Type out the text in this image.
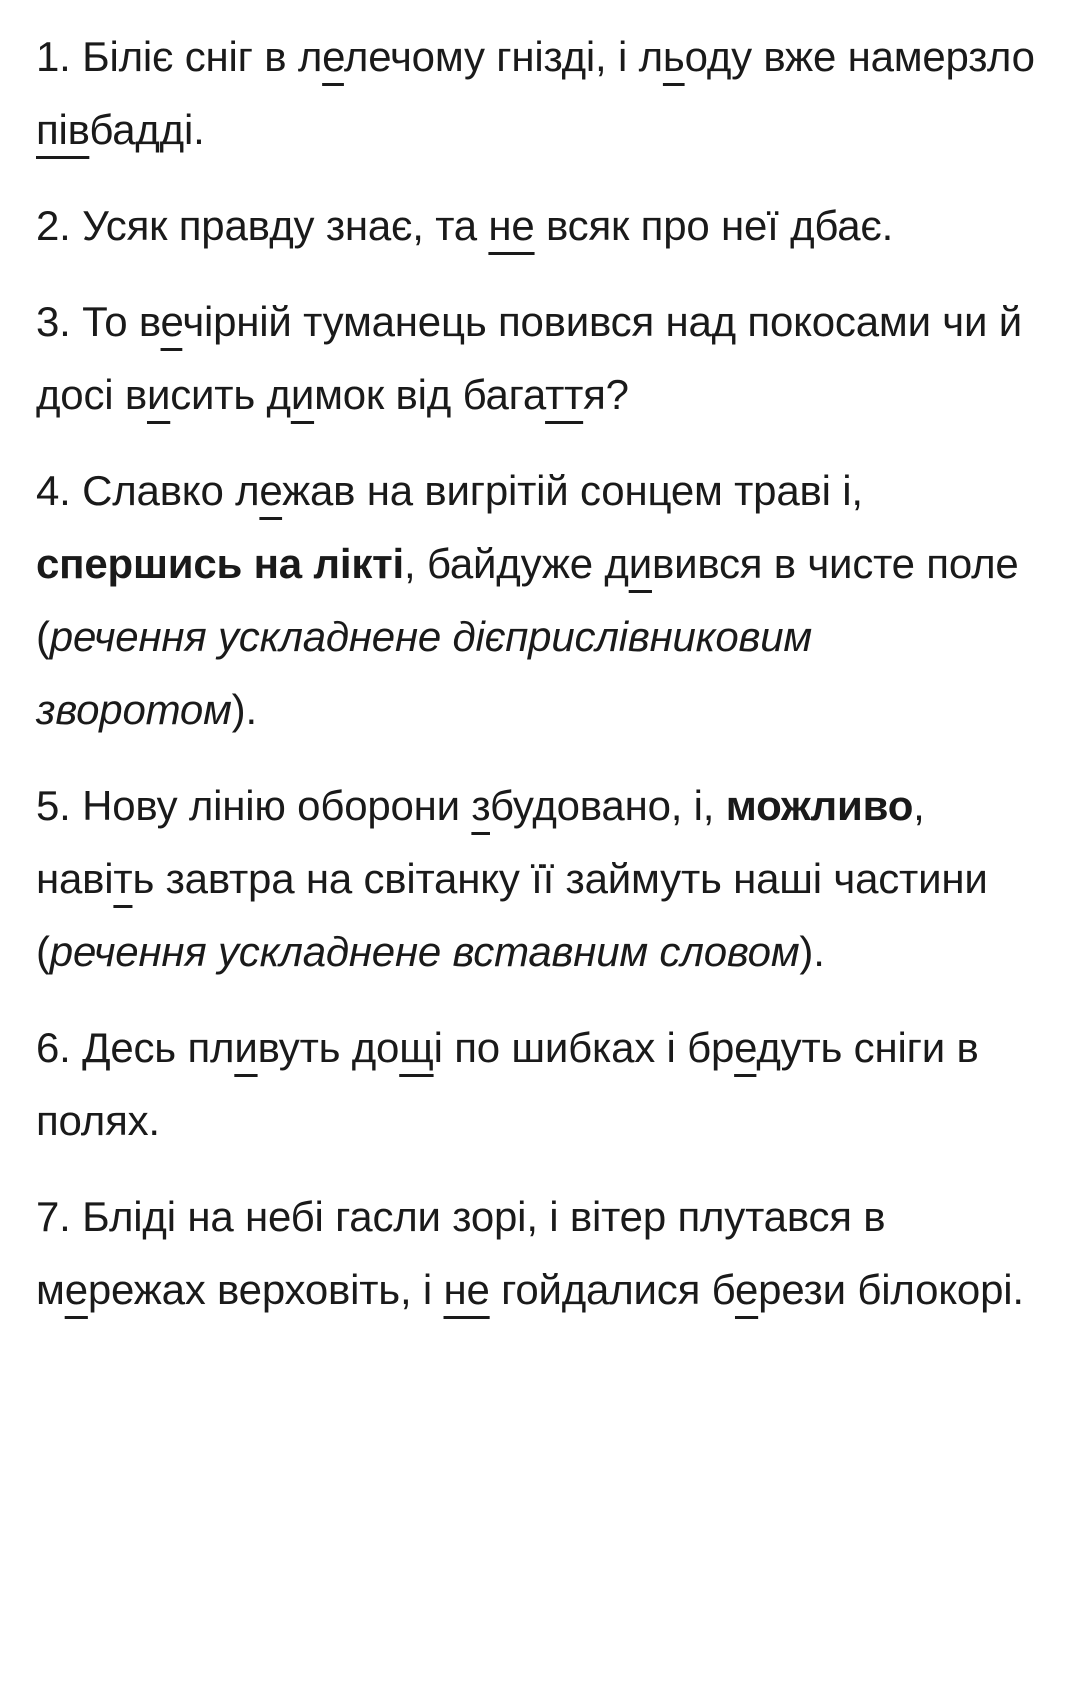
1. Біліє сніг в лелечому гнізді, і льоду вже намерзло півбадді.

2. Усяк правду знає, та не всяк про неї дбає.

3. То вечірній туманець повився над покосами чи й досі висить димок від багаття?

4. Славко лежав на вигрітій сонцем траві і, спершись на лікті, байдуже дивився в чисте поле (речення ускладнене дієприслівниковим зворотом).

5. Нову лінію оборони збудовано, і, можливо, навіть завтра на світанку її займуть наші частини (речення ускладнене вставним словом).

6. Десь пливуть дощі по шибках і бредуть сніги в полях.

7. Бліді на небі гасли зорі, і вітер плутався в мережах верховіть, і не гойдалися берези білокорі.
